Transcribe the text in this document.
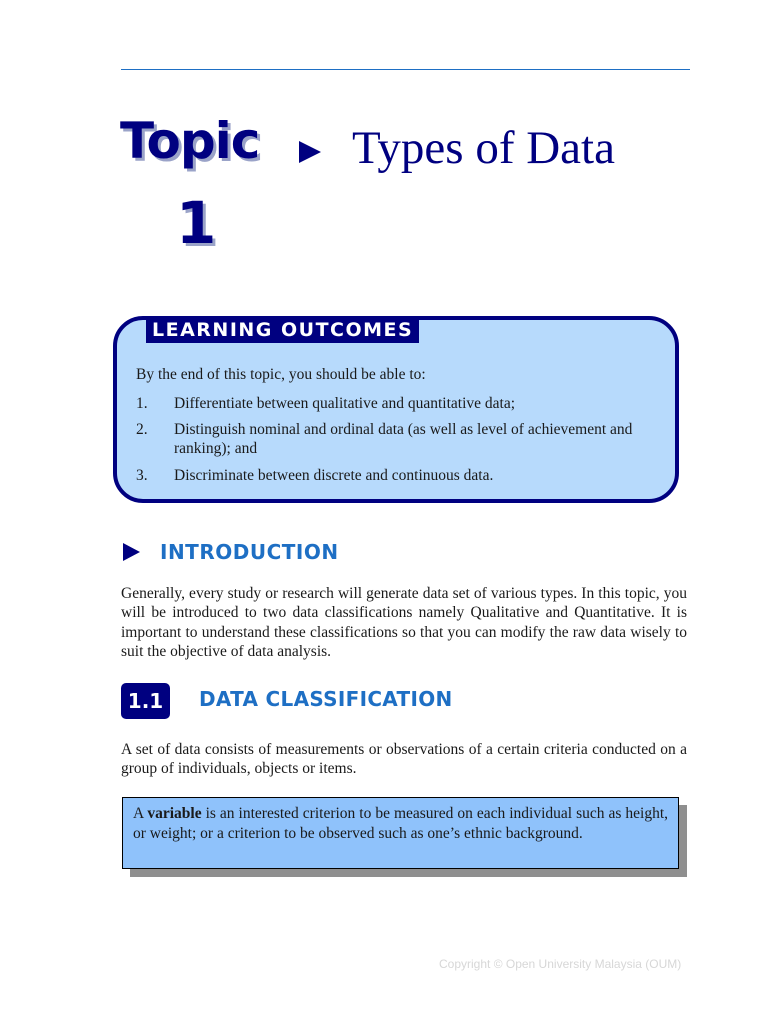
Topic
1
Types of Data
LEARNING OUTCOMES
By the end of this topic, you should be able to:
1. Differentiate between qualitative and quantitative data;
2. Distinguish nominal and ordinal data (as well as level of achievement and ranking); and
3. Discriminate between discrete and continuous data.
INTRODUCTION

Generally, every study or research will generate data set of various types. In this topic, you will be introduced to two data classifications namely Qualitative and Quantitative. It is important to understand these classifications so that you can modify the raw data wisely to suit the objective of data analysis.

1.1	DATA CLASSIFICATION

A set of data consists of measurements or observations of a certain criteria conducted on a group of individuals, objects or items.

A variable is an interested criterion to be measured on each individual such as height, or weight; or a criterion to be observed such as one’s ethnic background.
Copyright © Open University Malaysia (OUM)
